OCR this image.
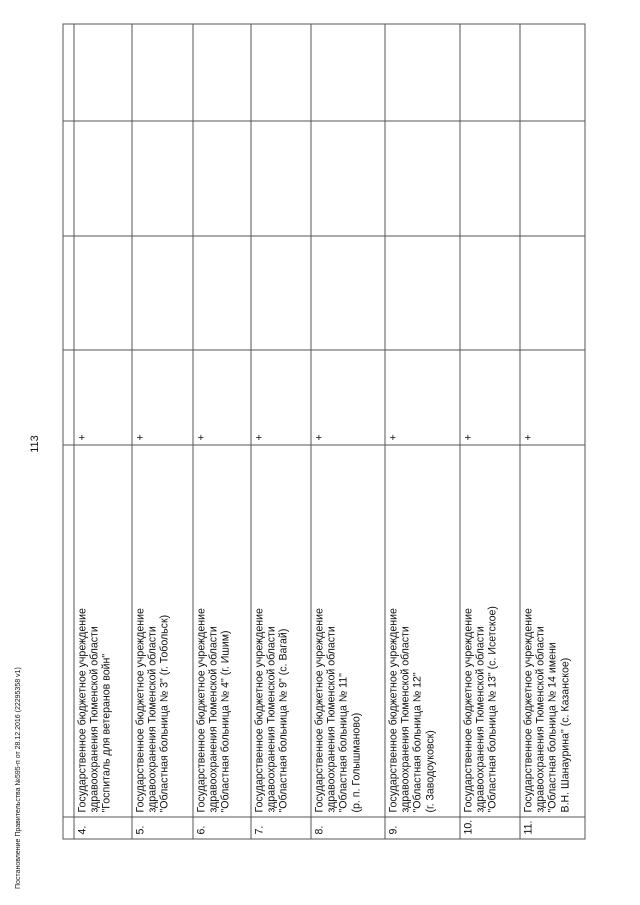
113

4.	Государственное бюджетное учреждение здравоохранения Тюменской области "Госпиталь для ветеранов войн"	+			
5.	Государственное бюджетное учреждение здравоохранения Тюменской области "Областная больница № 3" (г. Тобольск)	+			
6.	Государственное бюджетное учреждение здравоохранения Тюменской области "Областная больница № 4" (г. Ишим)	+			
7.	Государственное бюджетное учреждение здравоохранения Тюменской области "Областная больница № 9" (с. Вагай)	+			
8.	Государственное бюджетное учреждение здравоохранения Тюменской области "Областная больница № 11" (р. п. Голышманово)	+			
9.	Государственное бюджетное учреждение здравоохранения Тюменской области "Областная больница № 12" (г. Заводоуковск)	+			
10.	Государственное бюджетное учреждение здравоохранения Тюменской области "Областная больница № 13" (с. Исетское)	+			
11.	Государственное бюджетное учреждение здравоохранения Тюменской области "Областная больница № 14 имени В.Н. Шанаурина" (с. Казанское)	+			
Постановление Правительства №595-п от 28.12.2016 (22295358 v1)
